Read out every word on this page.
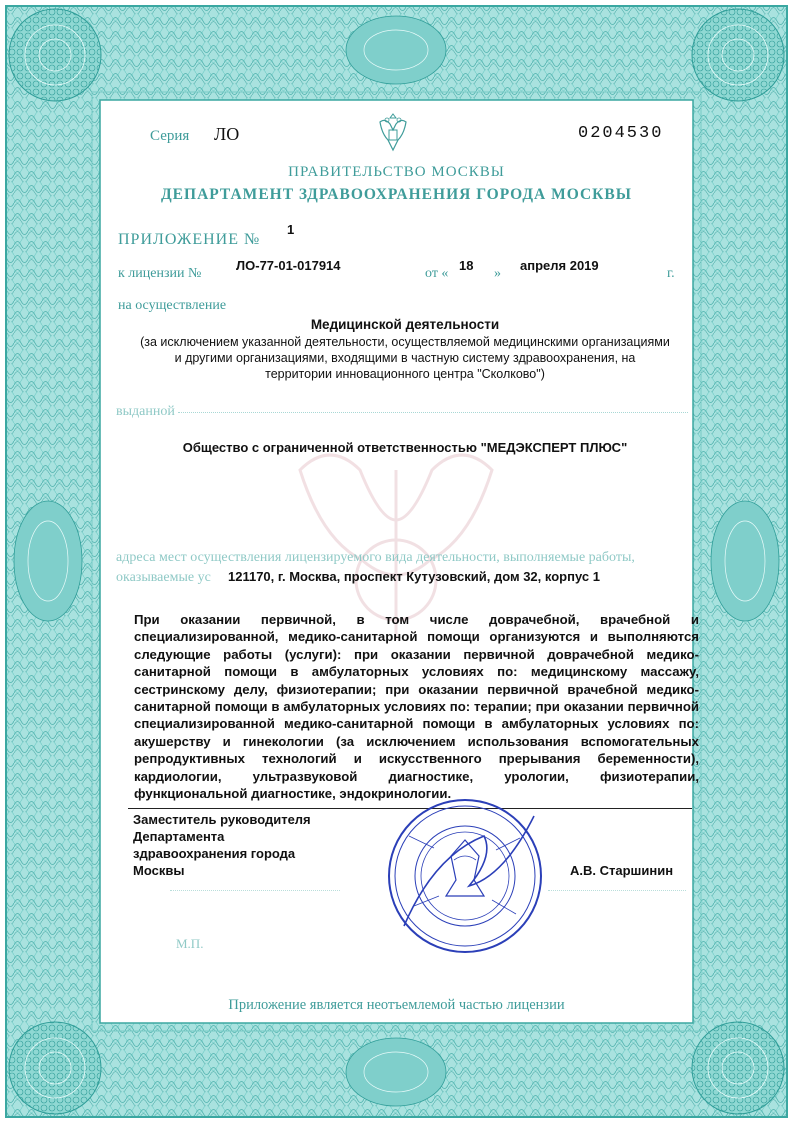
Серия ЛО	0204530
ПРАВИТЕЛЬСТВО МОСКВЫ
ДЕПАРТАМЕНТ ЗДРАВООХРАНЕНИЯ ГОРОДА МОСКВЫ
ПРИЛОЖЕНИЕ №
1
к лицензии №
ЛО-77-01-017914
от «
18
»
апреля 2019
г.
на осуществление
Медицинской деятельности
(за исключением указанной деятельности, осуществляемой медицинскими организациями
и другими организациями, входящими в частную систему здравоохранения, на
территории инновационного центра "Сколково")
выданной
Общество с ограниченной ответственностью "МЕДЭКСПЕРТ ПЛЮС"
адреса мест осуществления лицензируемого вида деятельности, выполняемые работы,
оказываемые ус 121170, г. Москва, проспект Кутузовский, дом 32, корпус 1
При оказании первичной, в том числе доврачебной, врачебной и специализированной, медико-санитарной помощи организуются и выполняются следующие работы (услуги): при оказании первичной доврачебной медико-санитарной помощи в амбулаторных условиях по: медицинскому массажу, сестринскому делу, физиотерапии; при оказании первичной врачебной медико-санитарной помощи в амбулаторных условиях по: терапии; при оказании первичной специализированной медико-санитарной помощи в амбулаторных условиях по: акушерству и гинекологии (за исключением использования вспомогательных репродуктивных технологий и искусственного прерывания беременности), кардиологии, ультразвуковой диагностике, урологии, физиотерапии, функциональной диагностике, эндокринологии.
Заместитель руководителя
Департамента
здравоохранения города
Москвы	А.В. Старшинин
М.П.
Приложение является неотъемлемой частью лицензии
